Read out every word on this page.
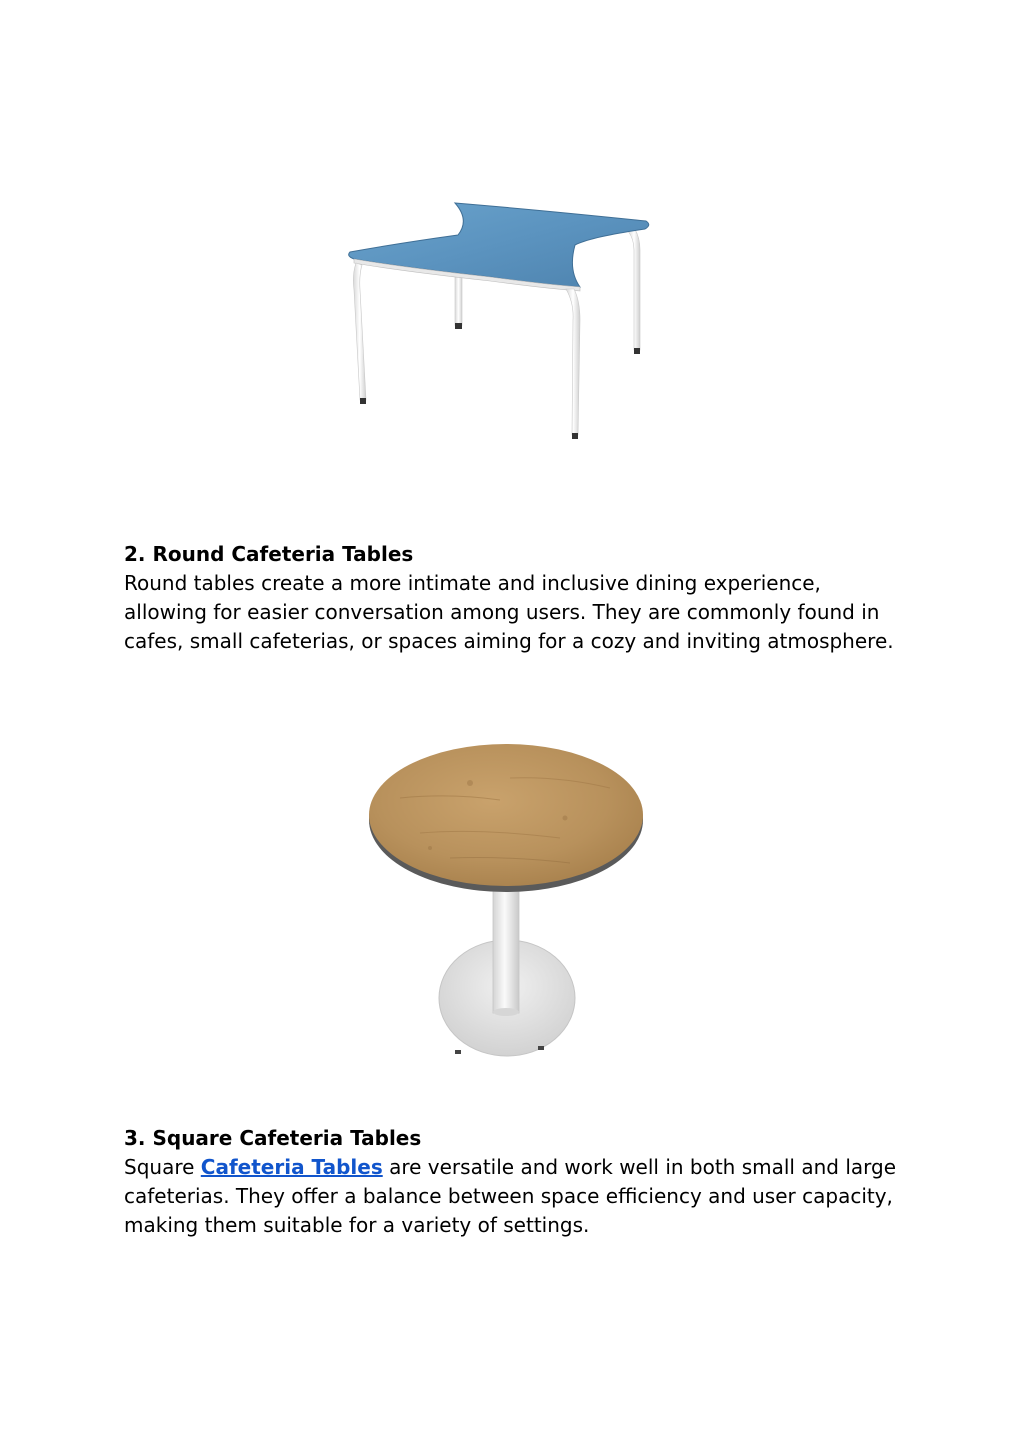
2. Round Cafeteria Tables

Round tables create a more intimate and inclusive dining experience, allowing for easier conversation among users. They are commonly found in cafes, small cafeterias, or spaces aiming for a cozy and inviting atmosphere.

3. Square Cafeteria Tables

Square Cafeteria Tables are versatile and work well in both small and large cafeterias. They offer a balance between space efficiency and user capacity, making them suitable for a variety of settings.
